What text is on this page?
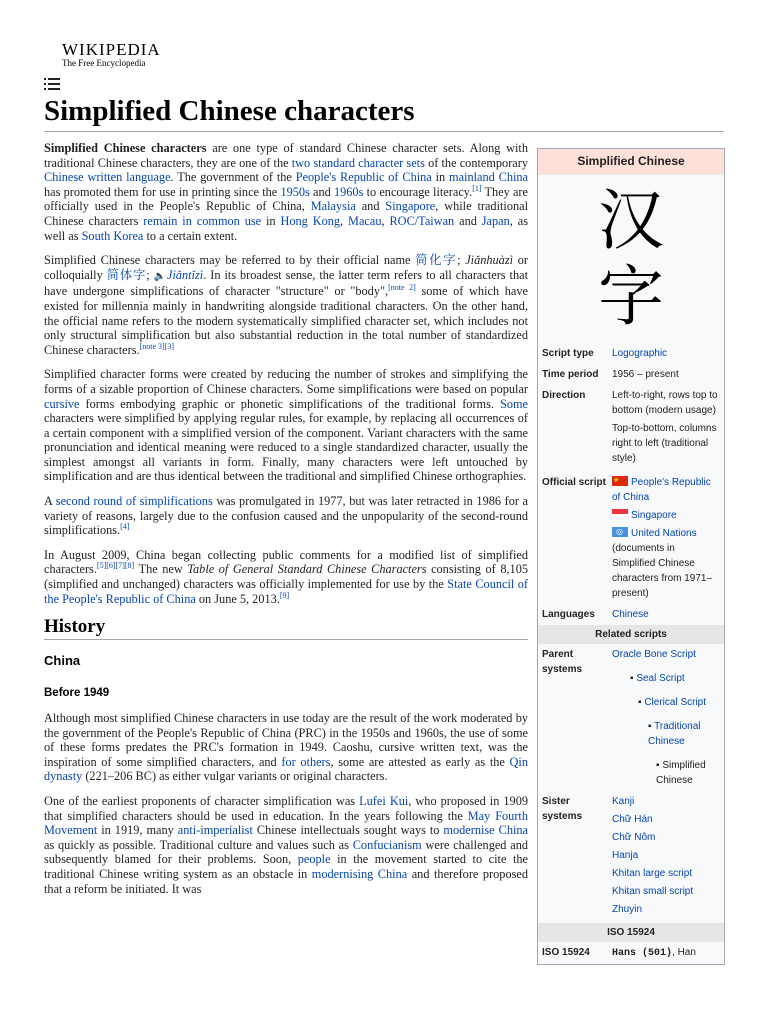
WIKIPEDIA
The Free Encyclopedia
Simplified Chinese characters

Simplified Chinese characters are one type of standard Chinese character sets. Along with traditional Chinese characters, they are one of the two standard character sets of the contemporary Chinese written language. The government of the People's Republic of China in mainland China has promoted them for use in printing since the 1950s and 1960s to encourage literacy.[1] They are officially used in the People's Republic of China, Malaysia and Singapore, while traditional Chinese characters remain in common use in Hong Kong, Macau, ROC/Taiwan and Japan, as well as South Korea to a certain extent.

Simplified Chinese characters may be referred to by their official name 简化字; Jiǎnhuàzì or colloquially 简体字; 🔈Jiǎntǐzì. In its broadest sense, the latter term refers to all characters that have undergone simplifications of character "structure" or "body",[note 2] some of which have existed for millennia mainly in handwriting alongside traditional characters. On the other hand, the official name refers to the modern systematically simplified character set, which includes not only structural simplification but also substantial reduction in the total number of standardized Chinese characters.[note 3][3]

Simplified character forms were created by reducing the number of strokes and simplifying the forms of a sizable proportion of Chinese characters. Some simplifications were based on popular cursive forms embodying graphic or phonetic simplifications of the traditional forms. Some characters were simplified by applying regular rules, for example, by replacing all occurrences of a certain component with a simplified version of the component. Variant characters with the same pronunciation and identical meaning were reduced to a single standardized character, usually the simplest amongst all variants in form. Finally, many characters were left untouched by simplification and are thus identical between the traditional and simplified Chinese orthographies.

A second round of simplifications was promulgated in 1977, but was later retracted in 1986 for a variety of reasons, largely due to the confusion caused and the unpopularity of the second-round simplifications.[4]

In August 2009, China began collecting public comments for a modified list of simplified characters.[5][6][7][8] The new Table of General Standard Chinese Characters consisting of 8,105 (simplified and unchanged) characters was officially implemented for use by the State Council of the People's Republic of China on June 5, 2013.[9]

History
China
Before 1949

Although most simplified Chinese characters in use today are the result of the work moderated by the government of the People's Republic of China (PRC) in the 1950s and 1960s, the use of some of these forms predates the PRC's formation in 1949. Caoshu, cursive written text, was the inspiration of some simplified characters, and for others, some are attested as early as the Qin dynasty (221–206 BC) as either vulgar variants or original characters.

One of the earliest proponents of character simplification was Lufei Kui, who proposed in 1909 that simplified characters should be used in education. In the years following the May Fourth Movement in 1919, many anti-imperialist Chinese intellectuals sought ways to modernise China as quickly as possible. Traditional culture and values such as Confucianism were challenged and subsequently blamed for their problems. Soon, people in the movement started to cite the traditional Chinese writing system as an obstacle in modernising China and therefore proposed that a reform be initiated. It was

Simplified Chinese
汉
字
Script type	Logographic
Time period	1956 – present
Direction	Left-to-right, rows top to bottom (modern usage)
Top-to-bottom, columns right to left (traditional style)
Official script
★	People's Republic of China
Singapore
◎United Nations
(documents in Simplified Chinese characters from 1971–present)
Languages	Chinese
Related scripts
Parent systems
Oracle Bone Script
▪ Seal Script
▪ Clerical Script
▪ Traditional Chinese
▪ Simplified Chinese
Sister systems
Kanji
Chữ Hán
Chữ Nôm
Hanja
Khitan large script
Khitan small script
Zhuyin
ISO 15924
ISO 15924	Hans (501), Han
